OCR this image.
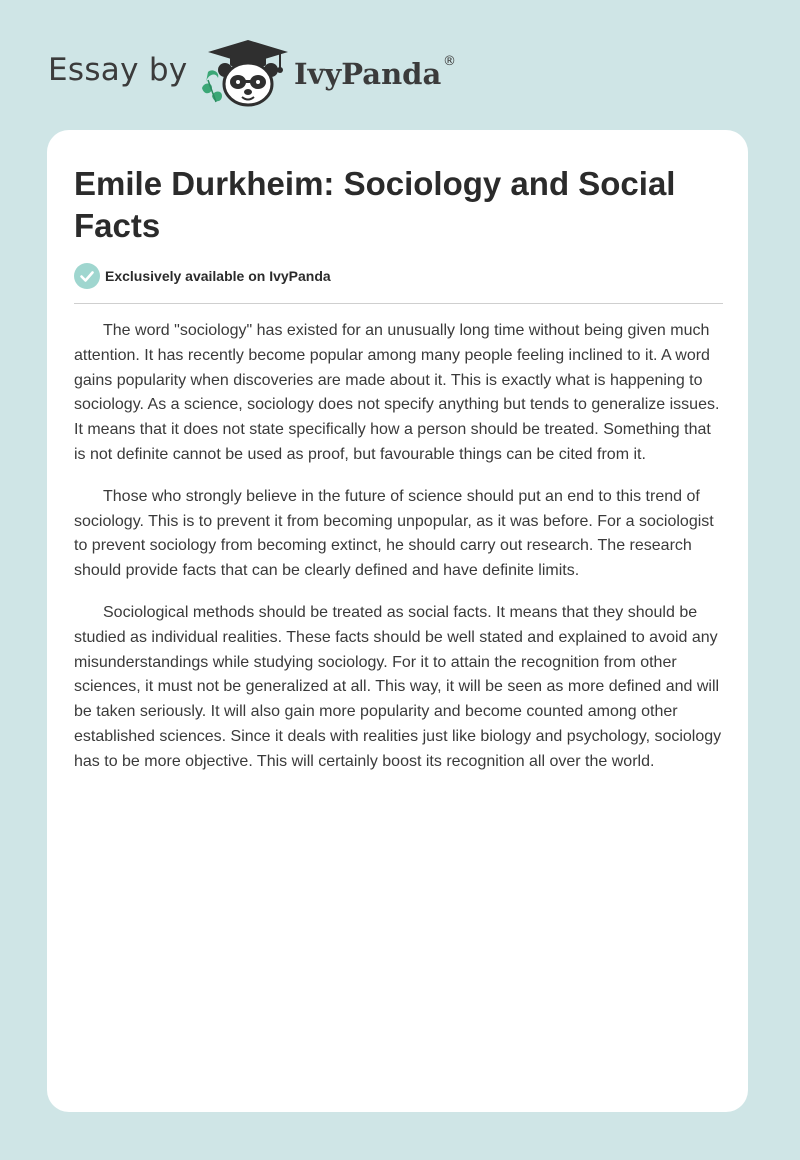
Essay by	IvyPanda ®
Emile Durkheim: Sociology and Social Facts
Exclusively available on IvyPanda

The word "sociology" has existed for an unusually long time without being given much attention. It has recently become popular among many people feeling inclined to it. A word gains popularity when discoveries are made about it. This is exactly what is happening to sociology. As a science, sociology does not specify anything but tends to generalize issues. It means that it does not state specifically how a person should be treated. Something that is not definite cannot be used as proof, but favourable things can be cited from it.

Those who strongly believe in the future of science should put an end to this trend of sociology. This is to prevent it from becoming unpopular, as it was before. For a sociologist to prevent sociology from becoming extinct, he should carry out research. The research should provide facts that can be clearly defined and have definite limits.

Sociological methods should be treated as social facts. It means that they should be studied as individual realities. These facts should be well stated and explained to avoid any misunderstandings while studying sociology. For it to attain the recognition from other sciences, it must not be generalized at all. This way, it will be seen as more defined and will be taken seriously. It will also gain more popularity and become counted among other established sciences. Since it deals with realities just like biology and psychology, sociology has to be more objective. This will certainly boost its recognition all over the world.
